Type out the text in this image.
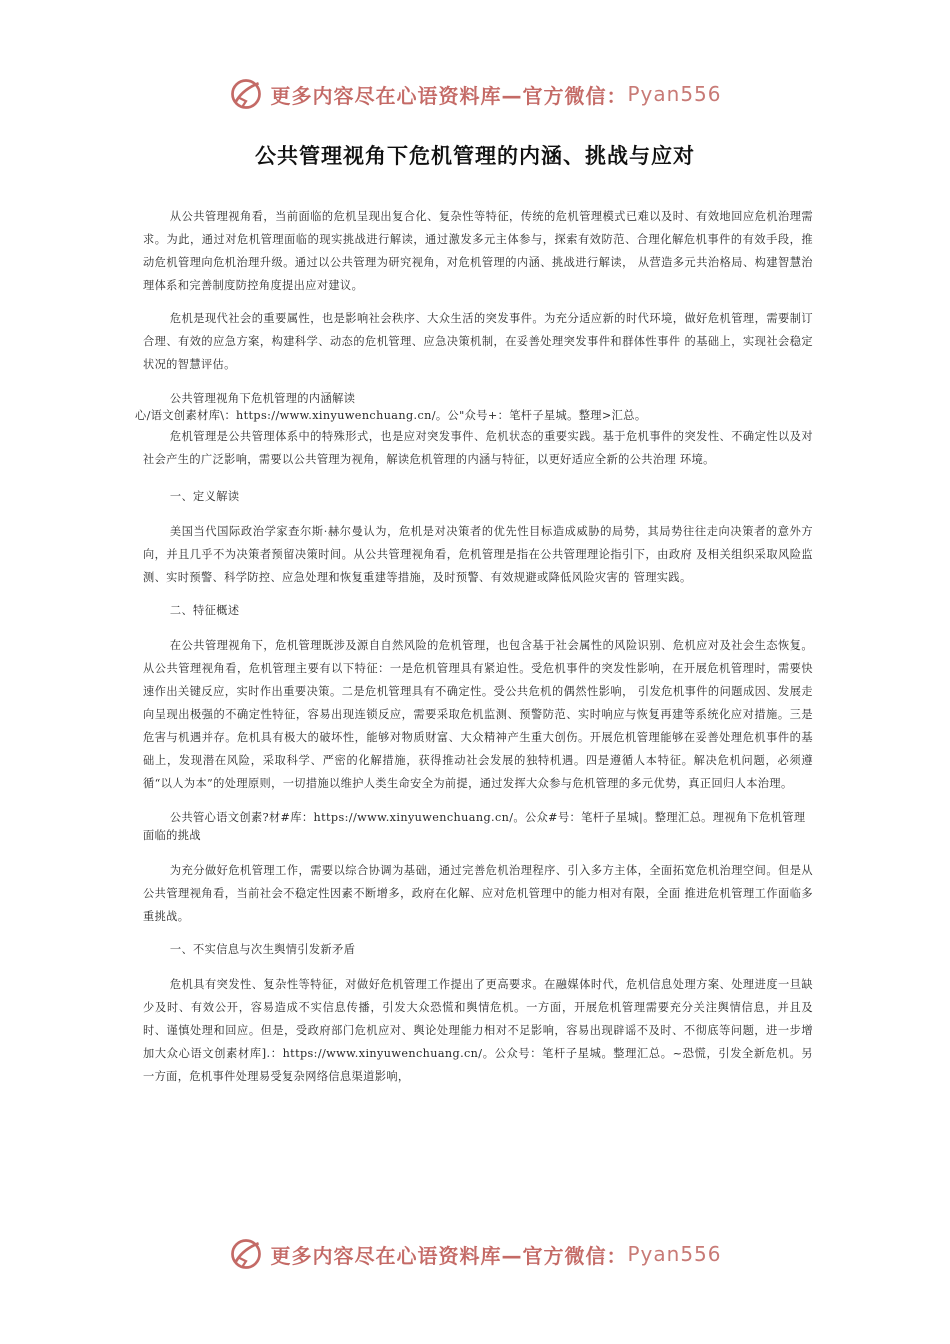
更多内容尽在心语资料库—官方微信： Pyan556
公共管理视角下危机管理的内涵、挑战与应对

从公共管理视角看，当前面临的危机呈现出复合化、复杂性等特征，传统的危机管理模式已难以及时、有效地回应危机治理需求。为此，通过对危机管理面临的现实挑战进行解读，通过激发多元主体参与，探索有效防范、合理化解危机事件的有效手段，推动危机管理向危机治理升级。通过以公共管理为研究视角，对危机管理的内涵、挑战进行解读， 从营造多元共治格局、构建智慧治理体系和完善制度防控角度提出应对建议。

危机是现代社会的重要属性，也是影响社会秩序、大众生活的突发事件。为充分适应新的时代环境，做好危机管理，需要制订合理、有效的应急方案，构建科学、动态的危机管理、应急决策机制，在妥善处理突发事件和群体性事件 的基础上，实现社会稳定状况的智慧评估。

公共管理视角下危机管理的内涵解读

心/语文创素材库\：https://www.xinyuwenchuang.cn/。公"众号+：笔杆子星城。整理>汇总。

危机管理是公共管理体系中的特殊形式，也是应对突发事件、危机状态的重要实践。基于危机事件的突发性、不确定性以及对社会产生的广泛影响，需要以公共管理为视角，解读危机管理的内涵与特征，以更好适应全新的公共治理 环境。

一、定义解读

美国当代国际政治学家查尔斯·赫尔曼认为，危机是对决策者的优先性目标造成威胁的局势，其局势往往走向决策者的意外方向，并且几乎不为决策者预留决策时间。从公共管理视角看，危机管理是指在公共管理理论指引下，由政府 及相关组织采取风险监测、实时预警、科学防控、应急处理和恢复重建等措施，及时预警、有效规避或降低风险灾害的 管理实践。

二、特征概述

在公共管理视角下，危机管理既涉及源自自然风险的危机管理，也包含基于社会属性的风险识别、危机应对及社会生态恢复。从公共管理视角看，危机管理主要有以下特征：一是危机管理具有紧迫性。受危机事件的突发性影响，在开展危机管理时，需要快速作出关键反应，实时作出重要决策。二是危机管理具有不确定性。受公共危机的偶然性影响， 引发危机事件的问题成因、发展走向呈现出极强的不确定性特征，容易出现连锁反应，需要采取危机监测、预警防范、实时响应与恢复再建等系统化应对措施。三是危害与机遇并存。危机具有极大的破坏性，能够对物质财富、大众精神产生重大创伤。开展危机管理能够在妥善处理危机事件的基础上，发现潜在风险，采取科学、严密的化解措施，获得推动社会发展的独特机遇。四是遵循人本特征。解决危机问题，必须遵循“以人为本”的处理原则，一切措施以维护人类生命安全为前提，通过发挥大众参与危机管理的多元优势，真正回归人本治理。

公共管心语文创素?材#库：https://www.xinyuwenchuang.cn/。公众#号：笔杆子星城|。整理汇总。理视角下危机管理面临的挑战

为充分做好危机管理工作，需要以综合协调为基础，通过完善危机治理程序、引入多方主体，全面拓宽危机治理空间。但是从公共管理视角看，当前社会不稳定性因素不断增多，政府在化解、应对危机管理中的能力相对有限，全面 推进危机管理工作面临多重挑战。

一、不实信息与次生舆情引发新矛盾

危机具有突发性、复杂性等特征，对做好危机管理工作提出了更高要求。在融媒体时代，危机信息处理方案、处理进度一旦缺少及时、有效公开，容易造成不实信息传播，引发大众恐慌和舆情危机。一方面，开展危机管理需要充分关注舆情信息，并且及时、谨慎处理和回应。但是，受政府部门危机应对、舆论处理能力相对不足影响，容易出现辟谣不及时、不彻底等问题，进一步增加大众心语文创素材库].：https://www.xinyuwenchuang.cn/。公众号：笔杆子星城。整理汇总。~恐慌，引发全新危机。另一方面，危机事件处理易受复杂网络信息渠道影响，

更多内容尽在心语资料库—官方微信： Pyan556
